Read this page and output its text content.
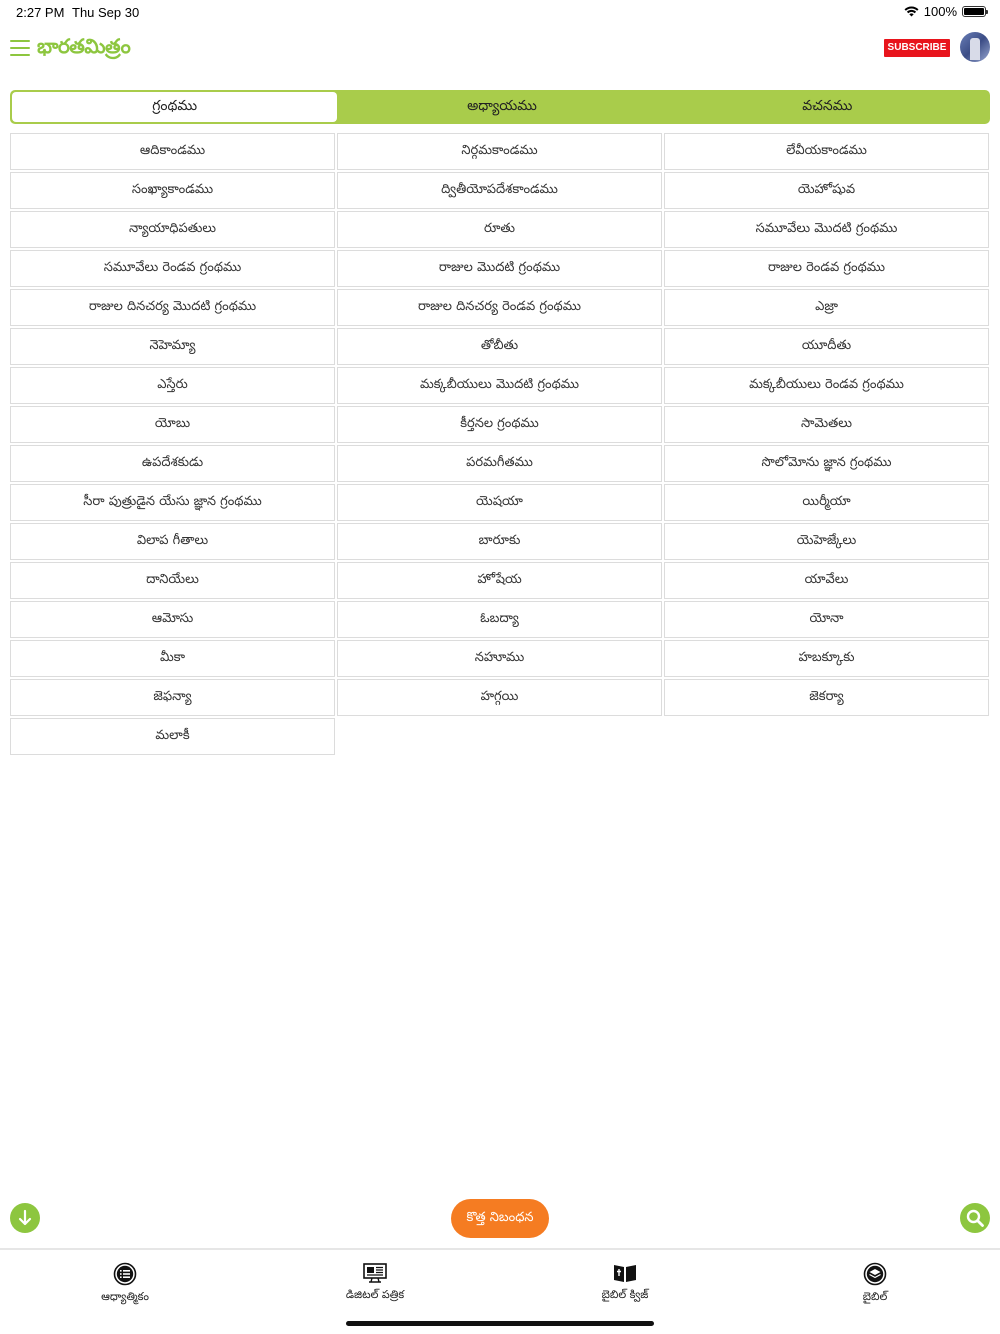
2:27 PM Thu Sep 30	100%
భారతమిత్రం	SUBSCRIBE
గ్రంథము	అధ్యాయము	వచనము
ఆదికాండము	నిర్గమకాండము	లేవీయకాండము
సంఖ్యాకాండము	ద్వితీయోపదేశకాండము	యెహోషువ
న్యాయాధిపతులు	రూతు	సమూవేలు మొదటి గ్రంథము
సమూవేలు రెండవ గ్రంథము	రాజుల మొదటి గ్రంథము	రాజుల రెండవ గ్రంథము
రాజుల దినచర్య మొదటి గ్రంథము	రాజుల దినచర్య రెండవ గ్రంథము	ఎజ్రా
నెహెమ్యా	తోబీతు	యూదీతు
ఎస్తేరు	మక్కబీయులు మొదటి గ్రంథము	మక్కబీయులు రెండవ గ్రంథము
యోబు	కీర్తనల గ్రంథము	సామెతలు
ఉపదేశకుడు	పరమగీతము	సొలోమోను జ్ఞాన గ్రంథము
సీరా పుత్రుడైన యేసు జ్ఞాన గ్రంథము	యెషయా	యిర్మీయా
విలాప గీతాలు	బారూకు	యెహెజ్కేలు
దానియేలు	హోషేయ	యావేలు
ఆమోసు	ఓబద్యా	యోనా
మీకా	నహూము	హబక్కూకు
జెఫన్యా	హగ్గయి	జెకర్యా
మలాకీ
కొత్త నిబంధన
ఆధ్యాత్మికం	డిజిటల్ పత్రిక	బైబిల్ క్విజ్	బైబిల్
